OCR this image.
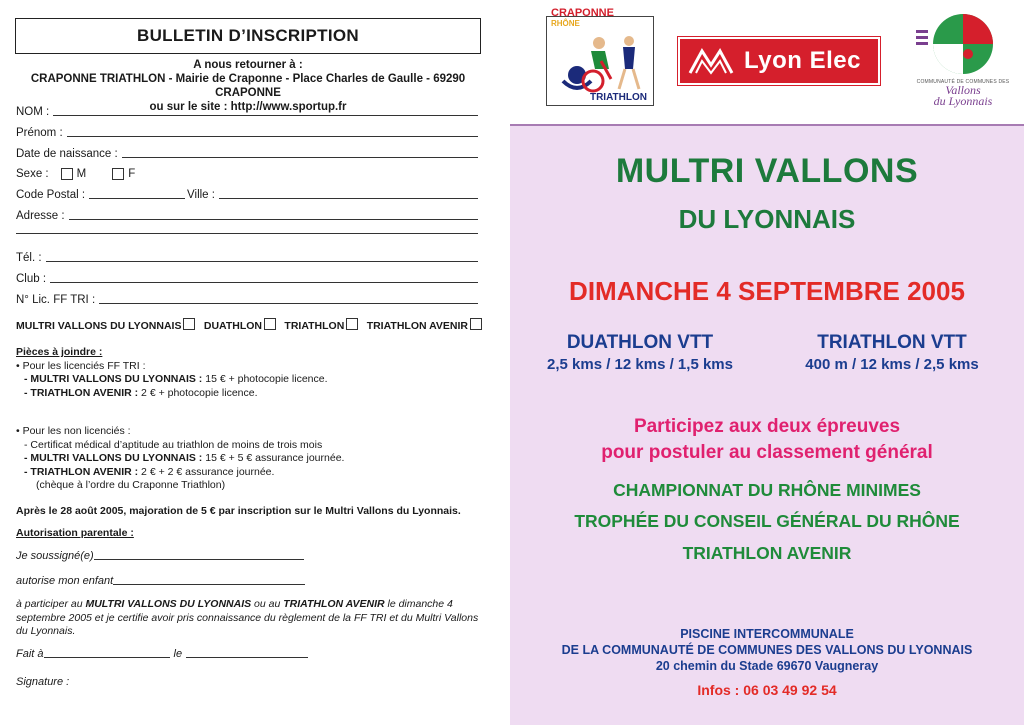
BULLETIN D’INSCRIPTION
A nous retourner à :
CRAPONNE TRIATHLON - Mairie de Craponne - Place Charles de Gaulle - 69290 CRAPONNE
ou sur le site : http://www.sportup.fr
NOM :
Prénom :
Date de naissance :
Sexe :	M	F
Code Postal :	Ville :
Adresse :
Tél. :
Club :
N° Lic. FF TRI :
MULTRI VALLONS DU LYONNAIS	DUATHLON	TRIATHLON	TRIATHLON AVENIR
Pièces à joindre :
• Pour les licenciés FF TRI :
- MULTRI VALLONS DU LYONNAIS : 15 € + photocopie licence.
- TRIATHLON AVENIR : 2 € + photocopie licence.
• Pour les non licenciés :
- Certificat médical d’aptitude au triathlon de moins de trois mois
- MULTRI VALLONS DU LYONNAIS : 15 € + 5 € assurance journée.
- TRIATHLON AVENIR : 2 € + 2 € assurance journée.
(chèque à l’ordre du Craponne Triathlon)
Après le 28 août 2005, majoration de 5 € par inscription sur le Multri Vallons du Lyonnais.
Autorisation parentale :
Je soussigné(e)
autorise mon enfant
à participer au MULTRI VALLONS DU LYONNAIS ou au TRIATHLON AVENIR le dimanche 4 septembre 2005 et je certifie avoir pris connaissance du règlement de la FF TRI et du Multri Vallons du Lyonnais.
Fait à	le
Signature :
CRAPONNE
RHÔNE
TRIATHLON
Lyon Elec
COMMUNAUTÉ DE COMMUNES DES
Vallons
du Lyonnais
MULTRI VALLONS
DU LYONNAIS
DIMANCHE 4 SEPTEMBRE 2005
DUATHLON VTT
2,5 kms / 12 kms / 1,5 kms
TRIATHLON VTT
400 m / 12 kms / 2,5 kms
Participez aux deux épreuves
pour postuler au classement général
CHAMPIONNAT DU RHÔNE MINIMES
TROPHÉE DU CONSEIL GÉNÉRAL DU RHÔNE
TRIATHLON AVENIR
PISCINE INTERCOMMUNALE
DE LA COMMUNAUTÉ DE COMMUNES DES VALLONS DU LYONNAIS
20 chemin du Stade 69670 Vaugneray
Infos : 06 03 49 92 54
